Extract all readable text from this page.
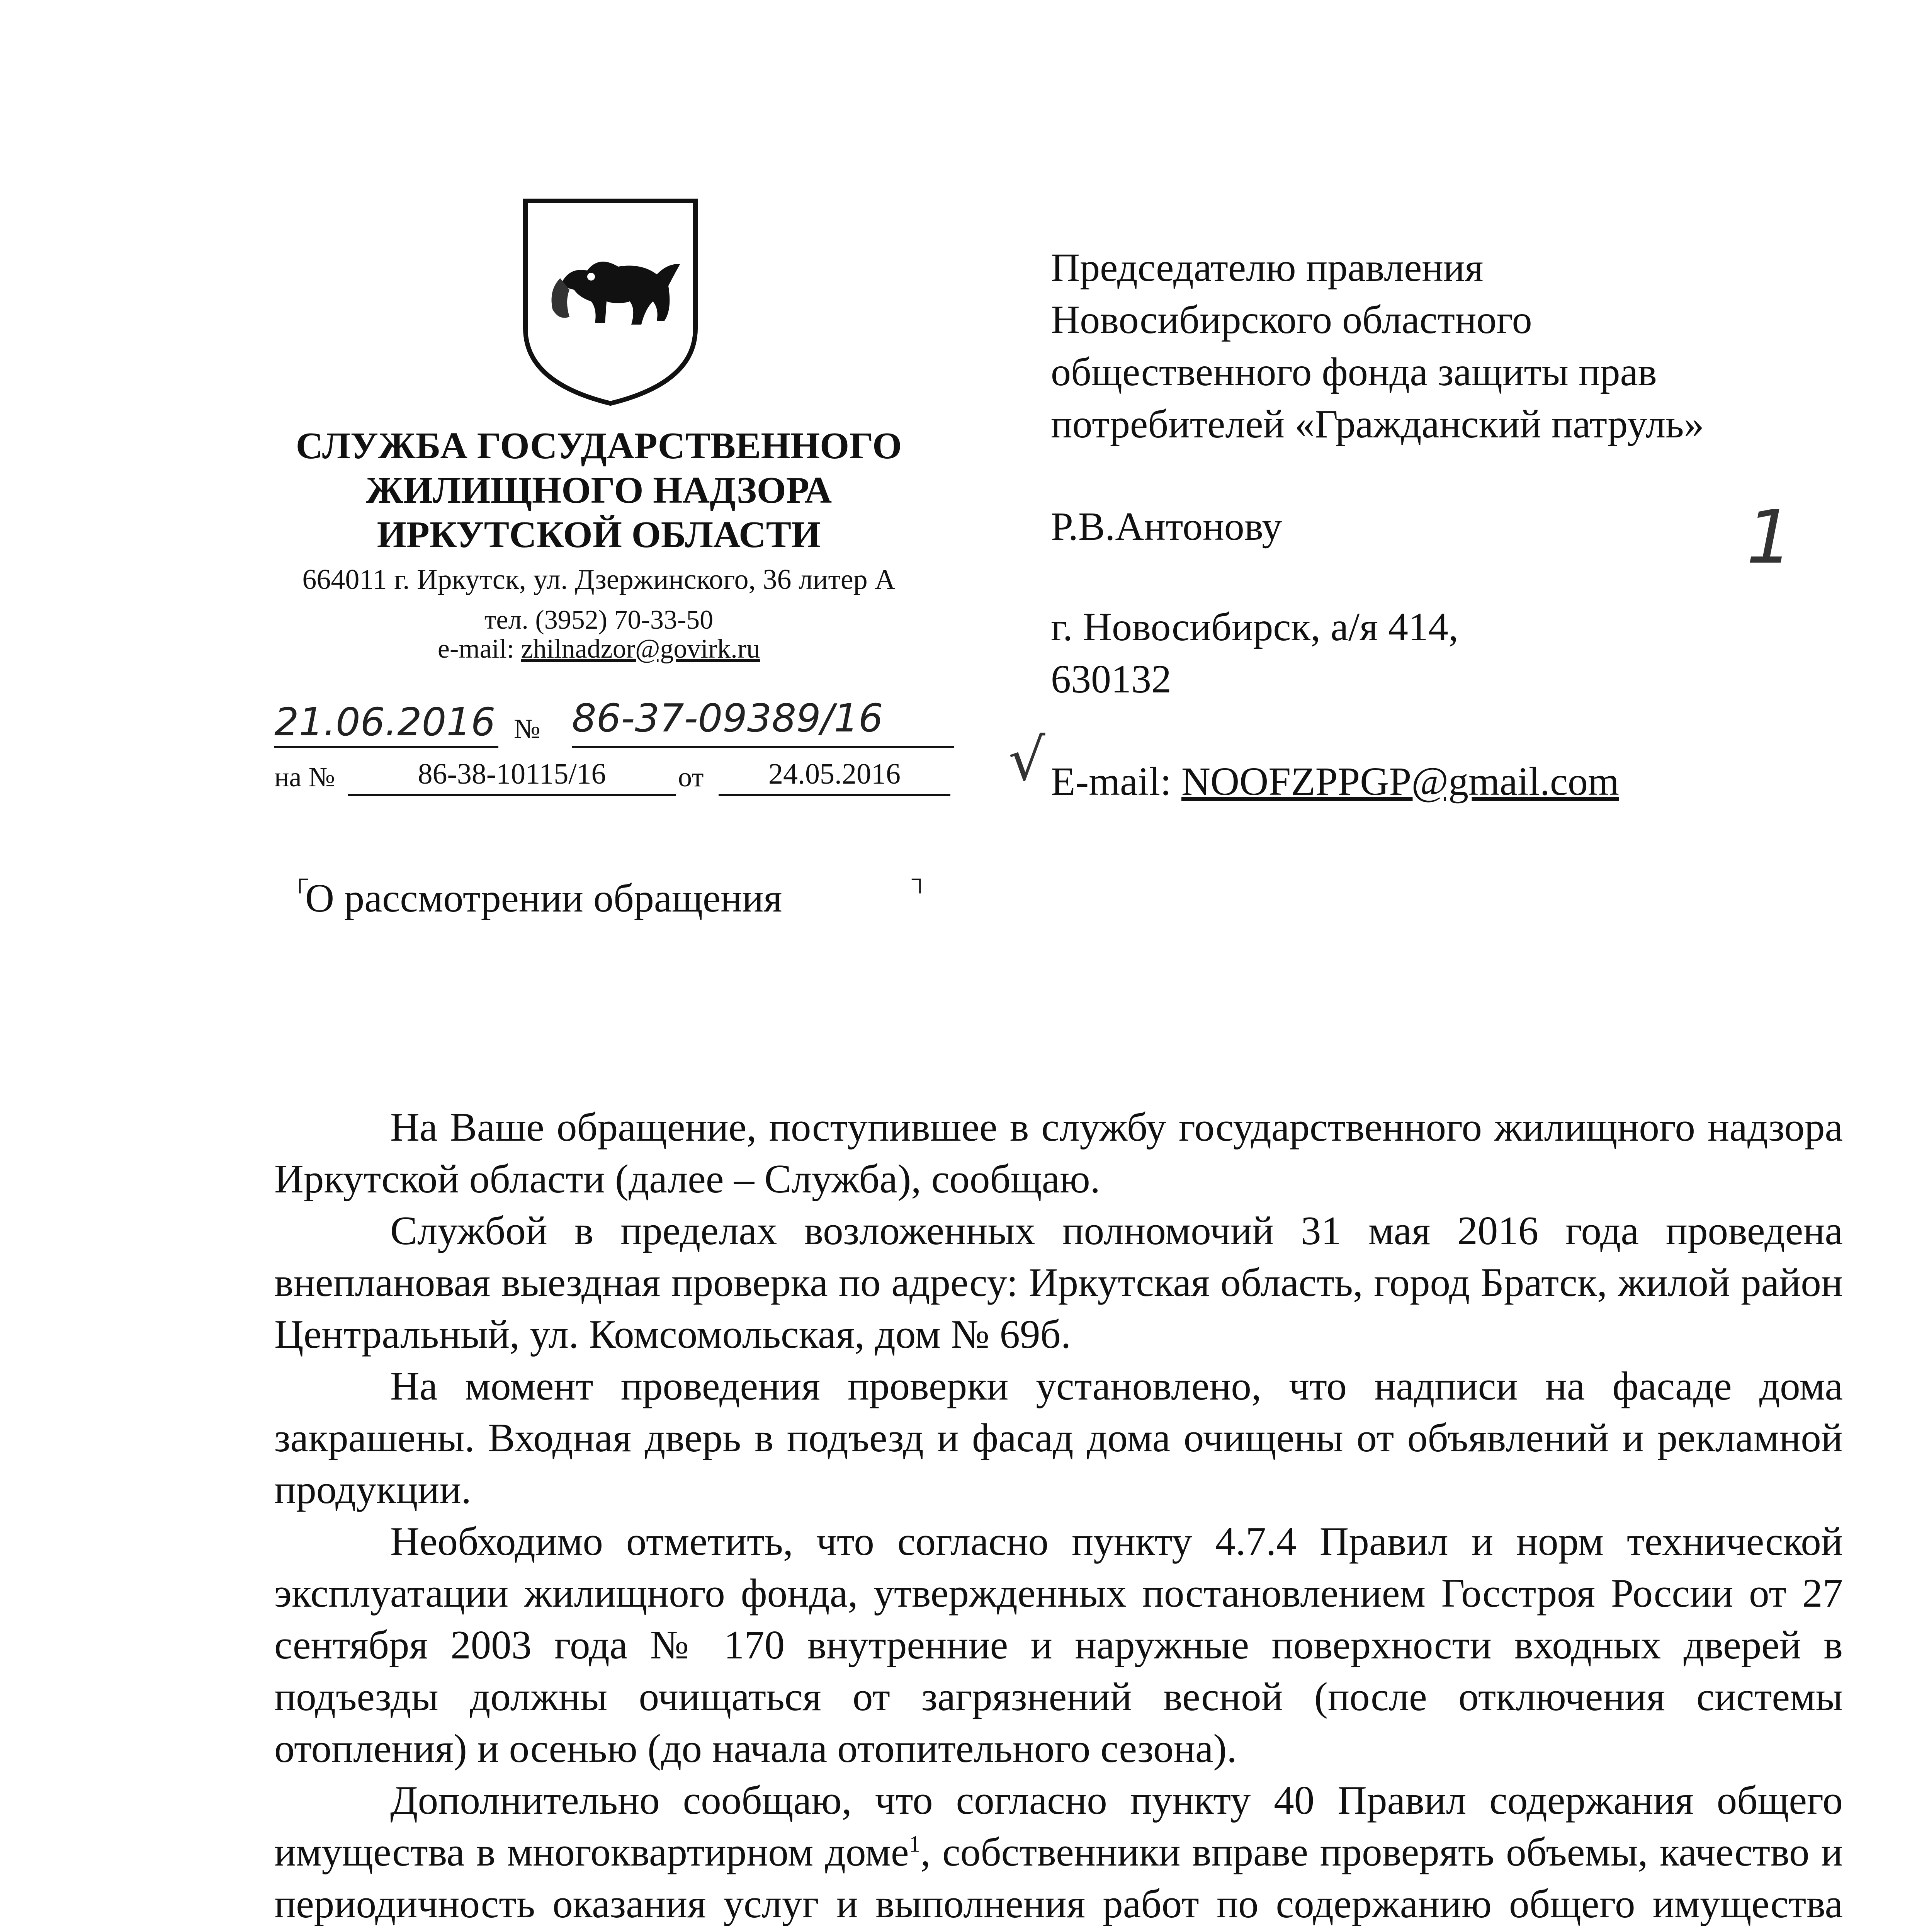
СЛУЖБА ГОСУДАРСТВЕННОГО
ЖИЛИЩНОГО НАДЗОРА
ИРКУТСКОЙ ОБЛАСТИ
664011 г. Иркутск, ул. Дзержинского, 36 литер А
тел. (3952) 70-33-50
e-mail: zhilnadzor@govirk.ru
21.06.2016 № 86-37-09389/16
на №	86-38-10115/16	от	24.05.2016
Председателю правления
Новосибирского областного
общественного фонда защиты прав
потребителей «Гражданский патруль»
Р.В.Антонову
г. Новосибирск, а/я 414,
630132
E-mail: NOOFZPPGP@gmail.com
1
√
┌	┐
О рассмотрении обращения

На Ваше обращение, поступившее в службу государственного жилищного надзора Иркутской области (далее – Служба), сообщаю.

Службой в пределах возложенных полномочий 31 мая 2016 года проведена внеплановая выездная проверка по адресу: Иркутская область, город Братск, жилой район Центральный, ул. Комсомольская, дом № 69б.

На момент проведения проверки установлено, что надписи на фасаде дома закрашены. Входная дверь в подъезд и фасад дома очищены от объявлений и рекламной продукции.

Необходимо отметить, что согласно пункту 4.7.4 Правил и норм технической эксплуатации жилищного фонда, утвержденных постановлением Госстроя России от 27 сентября 2003 года № 170 внутренние и наружные поверхности входных дверей в подъезды должны очищаться от загрязнений весной (после отключения системы отопления) и осенью (до начала отопительного сезона).

Дополнительно сообщаю, что согласно пункту 40 Правил содержания общего имущества в многоквартирном доме$^1$, собственники вправе проверять объемы, качество и периодичность оказания услуг и выполнения работ по содержанию общего имущества
